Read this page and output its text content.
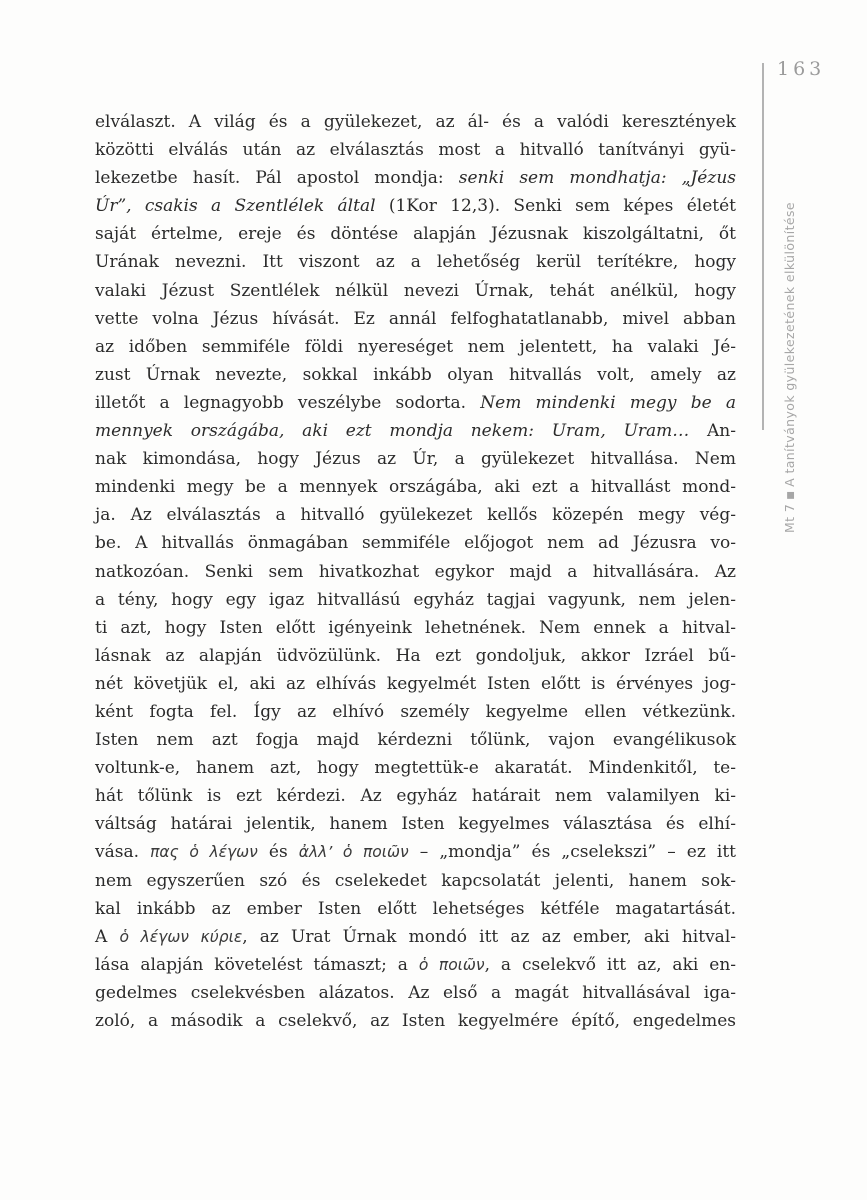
163
Mt 7■A tanítványok gyülekezetének elkülönítése
elválaszt. A világ és a gyülekezet, az ál- és a valódi keresztények
közötti elválás után az elválasztás most a hitvalló tanítványi gyü-
lekezetbe hasít. Pál apostol mondja: senki sem mondhatja: „Jézus
Úr”, csakis a Szentlélek által (1Kor 12,3). Senki sem képes életét
saját értelme, ereje és döntése alapján Jézusnak kiszolgáltatni, őt
Urának nevezni. Itt viszont az a lehetőség kerül terítékre, hogy
valaki Jézust Szentlélek nélkül nevezi Úrnak, tehát anélkül, hogy
vette volna Jézus hívását. Ez annál felfoghatatlanabb, mivel abban
az időben semmiféle földi nyereséget nem jelentett, ha valaki Jé-
zust Úrnak nevezte, sokkal inkább olyan hitvallás volt, amely az
illetőt a legnagyobb veszélybe sodorta. Nem mindenki megy be a
mennyek országába, aki ezt mondja nekem: Uram, Uram… An-
nak kimondása, hogy Jézus az Úr, a gyülekezet hitvallása. Nem
mindenki megy be a mennyek országába, aki ezt a hitvallást mond-
ja. Az elválasztás a hitvalló gyülekezet kellős közepén megy vég-
be. A hitvallás önmagában semmiféle előjogot nem ad Jézusra vo-
natkozóan. Senki sem hivatkozhat egykor majd a hitvallására. Az
a tény, hogy egy igaz hitvallású egyház tagjai vagyunk, nem jelen-
ti azt, hogy Isten előtt igényeink lehetnének. Nem ennek a hitval-
lásnak az alapján üdvözülünk. Ha ezt gondoljuk, akkor Izráel bű-
nét követjük el, aki az elhívás kegyelmét Isten előtt is érvényes jog-
ként fogta fel. Így az elhívó személy kegyelme ellen vétkezünk.
Isten nem azt fogja majd kérdezni tőlünk, vajon evangélikusok
voltunk-e, hanem azt, hogy megtettük-e akaratát. Mindenkitől, te-
hát tőlünk is ezt kérdezi. Az egyház határait nem valamilyen ki-
váltság határai jelentik, hanem Isten kegyelmes választása és elhí-
vása. πας ὁ λέγων és ἀλλ’ ὁ ποιῶν – „mondja” és „cselekszi” – ez itt
nem egyszerűen szó és cselekedet kapcsolatát jelenti, hanem sok-
kal inkább az ember Isten előtt lehetséges kétféle magatartását.
A ὁ λέγων κύριε, az Urat Úrnak mondó itt az az ember, aki hitval-
lása alapján követelést támaszt; a ὁ ποιῶν, a cselekvő itt az, aki en-
gedelmes cselekvésben alázatos. Az első a magát hitvallásával iga-
zoló, a második a cselekvő, az Isten kegyelmére építő, engedelmes
